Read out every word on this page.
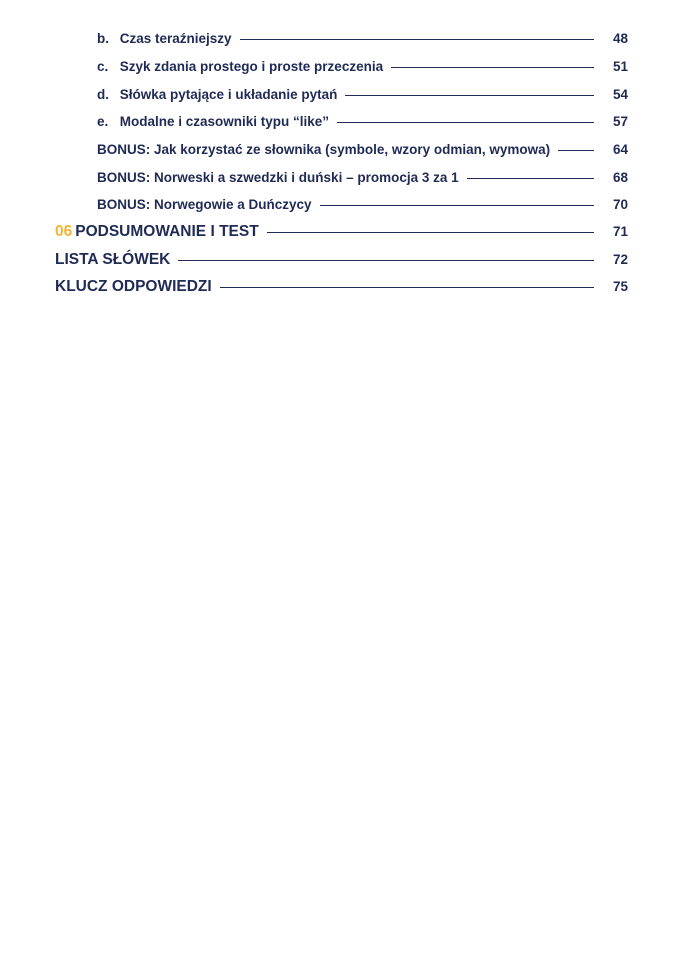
b. Czas teraźniejszy	48
c. Szyk zdania prostego i proste przeczenia	51
d. Słówka pytające i układanie pytań	54
e. Modalne i czasowniki typu “like”	57
BONUS: Jak korzystać ze słownika (symbole, wzory odmian, wymowa)	64
BONUS: Norweski a szwedzki i duński – promocja 3 za 1	68
BONUS: Norwegowie a Duńczycy	70
06 PODSUMOWANIE I TEST	71
LISTA SŁÓWEK	72
KLUCZ ODPOWIEDZI	75
